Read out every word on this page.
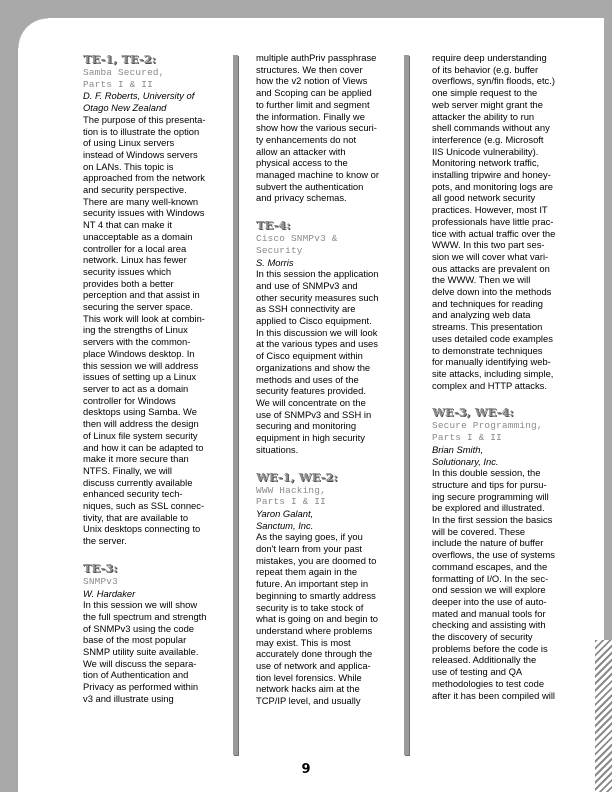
TE-1, TE-2:
Samba Secured,
Parts I & II
D. F. Roberts, University of
Otago New Zealand
The purpose of this presenta-
tion is to illustrate the option
of using Linux servers
instead of Windows servers
on LANs. This topic is
approached from the network
and security perspective.
There are many well-known
security issues with Windows
NT 4 that can make it
unacceptable as a domain
controller for a local area
network. Linux has fewer
security issues which
provides both a better
perception and that assist in
securing the server space.
This work will look at combin-
ing the strengths of Linux
servers with the common-
place Windows desktop. In
this session we will address
issues of setting up a Linux
server to act as a domain
controller for Windows
desktops using Samba. We
then will address the design
of Linux file system security
and how it can be adapted to
make it more secure than
NTFS. Finally, we will
discuss currently available
enhanced security tech-
niques, such as SSL connec-
tivity, that are available to
Unix desktops connecting to
the server.
TE-3:
SNMPv3
W. Hardaker
In this session we will show
the full spectrum and strength
of SNMPv3 using the code
base of the most popular
SNMP utility suite available.
We will discuss the separa-
tion of Authentication and
Privacy as performed within
v3 and illustrate using
multiple authPriv passphrase
structures. We then cover
how the v2 notion of Views
and Scoping can be applied
to further limit and segment
the information. Finally we
show how the various securi-
ty enhancements do not
allow an attacker with
physical access to the
managed machine to know or
subvert the authentication
and privacy schemas.
TE-4:
Cisco SNMPv3 &
Security
S. Morris
In this session the application
and use of SNMPv3 and
other security measures such
as SSH connectivity are
applied to Cisco equipment.
In this discussion we will look
at the various types and uses
of Cisco equipment within
organizations and show the
methods and uses of the
security features provided.
We will concentrate on the
use of SNMPv3 and SSH in
securing and monitoring
equipment in high security
situations.
WE-1, WE-2:
WWW Hacking,
Parts I & II
Yaron Galant,
Sanctum, Inc.
As the saying goes, if you
don't learn from your past
mistakes, you are doomed to
repeat them again in the
future. An important step in
beginning to smartly address
security is to take stock of
what is going on and begin to
understand where problems
may exist. This is most
accurately done through the
use of network and applica-
tion level forensics. While
network hacks aim at the
TCP/IP level, and usually
require deep understanding
of its behavior (e.g. buffer
overflows, syn/fin floods, etc.)
one simple request to the
web server might grant the
attacker the ability to run
shell commands without any
interference (e.g. Microsoft
IIS Unicode vulnerability).
Monitoring network traffic,
installing tripwire and honey-
pots, and monitoring logs are
all good network security
practices. However, most IT
professionals have little prac-
tice with actual traffic over the
WWW. In this two part ses-
sion we will cover what vari-
ous attacks are prevalent on
the WWW. Then we will
delve down into the methods
and techniques for reading
and analyzing web data
streams. This presentation
uses detailed code examples
to demonstrate techniques
for manually identifying web-
site attacks, including simple,
complex and HTTP attacks.
WE-3, WE-4:
Secure Programming,
Parts I & II
Brian Smith,
Solutionary, Inc.
In this double session, the
structure and tips for pursu-
ing secure programming will
be explored and illustrated.
In the first session the basics
will be covered. These
include the nature of buffer
overflows, the use of systems
command escapes, and the
formatting of I/O. In the sec-
ond session we will explore
deeper into the use of auto-
mated and manual tools for
checking and assisting with
the discovery of security
problems before the code is
released. Additionally the
use of testing and QA
methodologies to test code
after it has been compiled will
9
